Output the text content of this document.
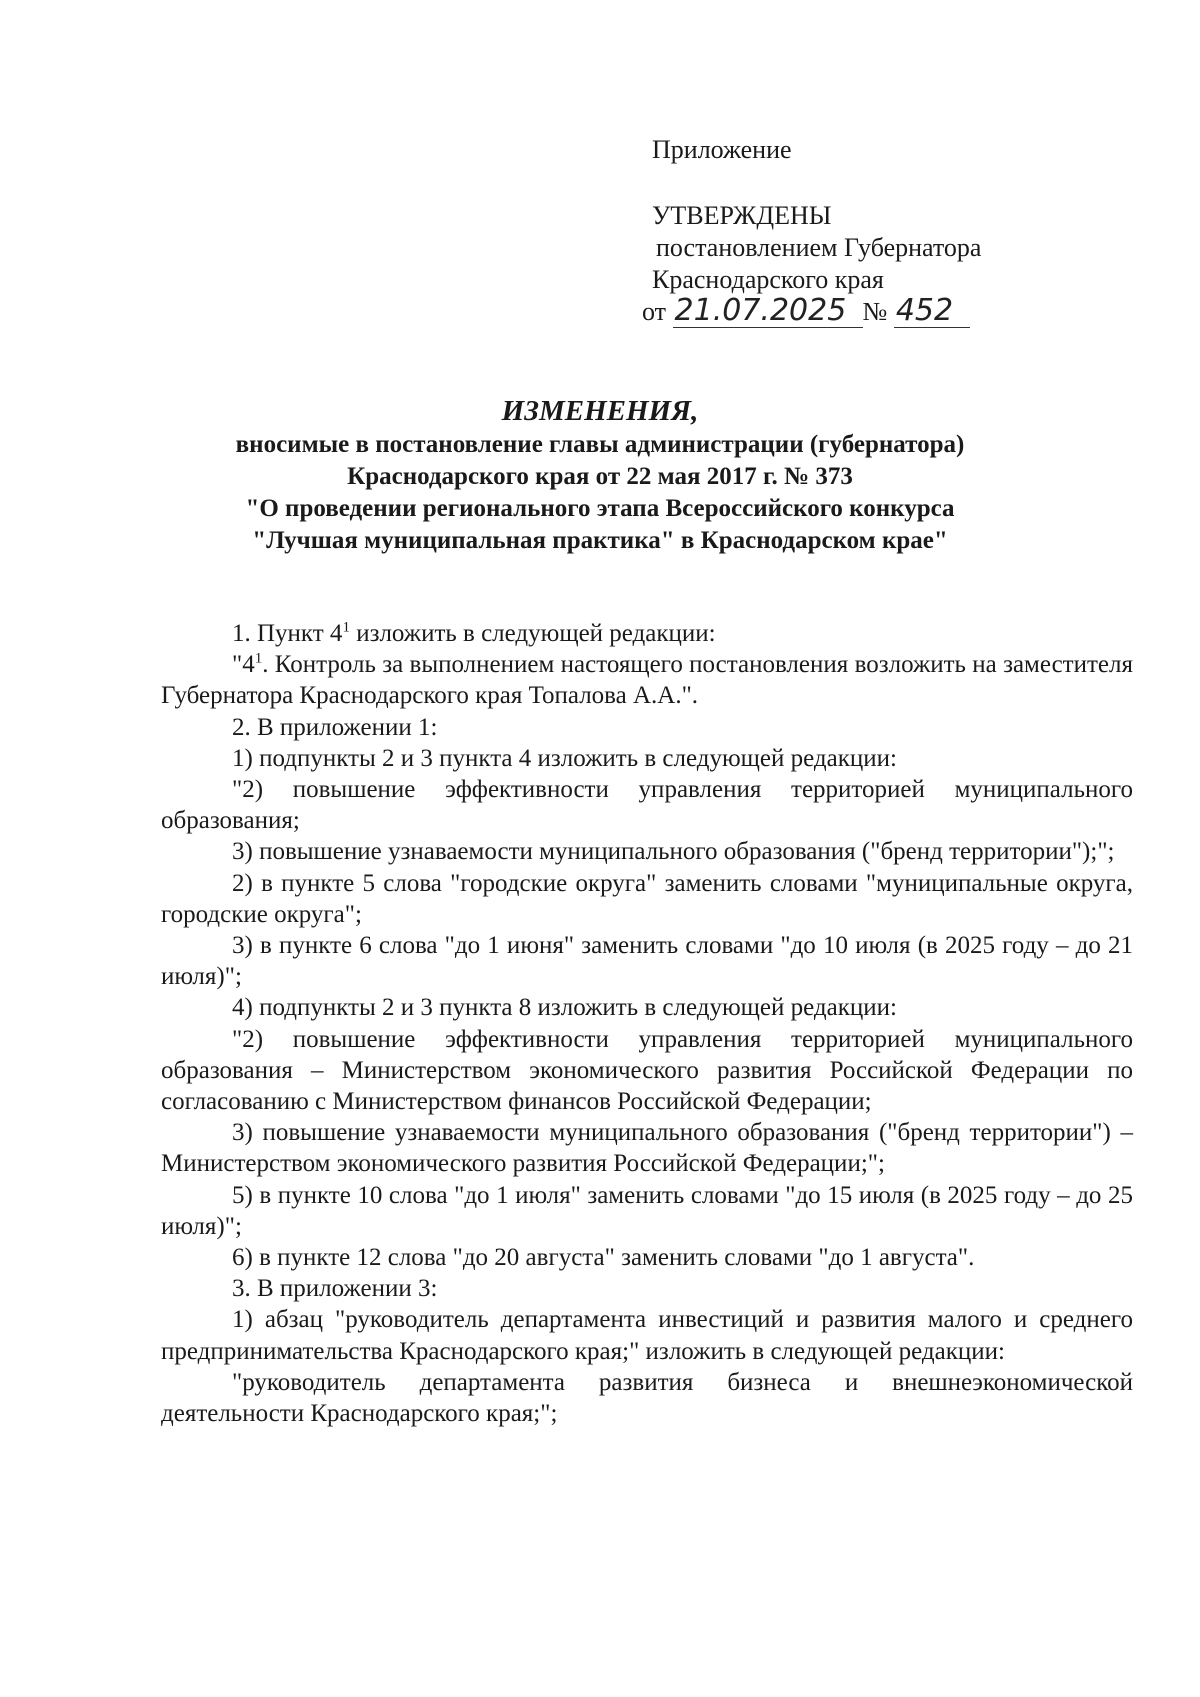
Приложение
УТВЕРЖДЕНЫ
постановлением Губернатора
Краснодарского края
от 21.07.2025 № 452
ИЗМЕНЕНИЯ,
вносимые в постановление главы администрации (губернатора)
Краснодарского края от 22 мая 2017 г. № 373
"О проведении регионального этапа Всероссийского конкурса
"Лучшая муниципальная практика" в Краснодарском крае"

1. Пункт $4^1$ изложить в следующей редакции:

"$4^1$. Контроль за выполнением настоящего постановления возложить на заместителя Губернатора Краснодарского края Топалова А.А.".

2. В приложении 1:

1) подпункты 2 и 3 пункта 4 изложить в следующей редакции:

"2) повышение эффективности управления территорией муниципального образования;

3) повышение узнаваемости муниципального образования ("бренд территории");";

2) в пункте 5 слова "городские округа" заменить словами "муниципальные округа, городские округа";

3) в пункте 6 слова "до 1 июня" заменить словами "до 10 июля (в 2025 году – до 21 июля)";

4) подпункты 2 и 3 пункта 8 изложить в следующей редакции:

"2) повышение эффективности управления территорией муниципального образования – Министерством экономического развития Российской Федерации по согласованию с Министерством финансов Российской Федерации;

3) повышение узнаваемости муниципального образования ("бренд территории") – Министерством экономического развития Российской Федерации;";

5) в пункте 10 слова "до 1 июля" заменить словами "до 15 июля (в 2025 году – до 25 июля)";

6) в пункте 12 слова "до 20 августа" заменить словами "до 1 августа".

3. В приложении 3:

1) абзац "руководитель департамента инвестиций и развития малого и среднего предпринимательства Краснодарского края;" изложить в следующей редакции:

"руководитель департамента развития бизнеса и внешнеэкономической деятельности Краснодарского края;";
